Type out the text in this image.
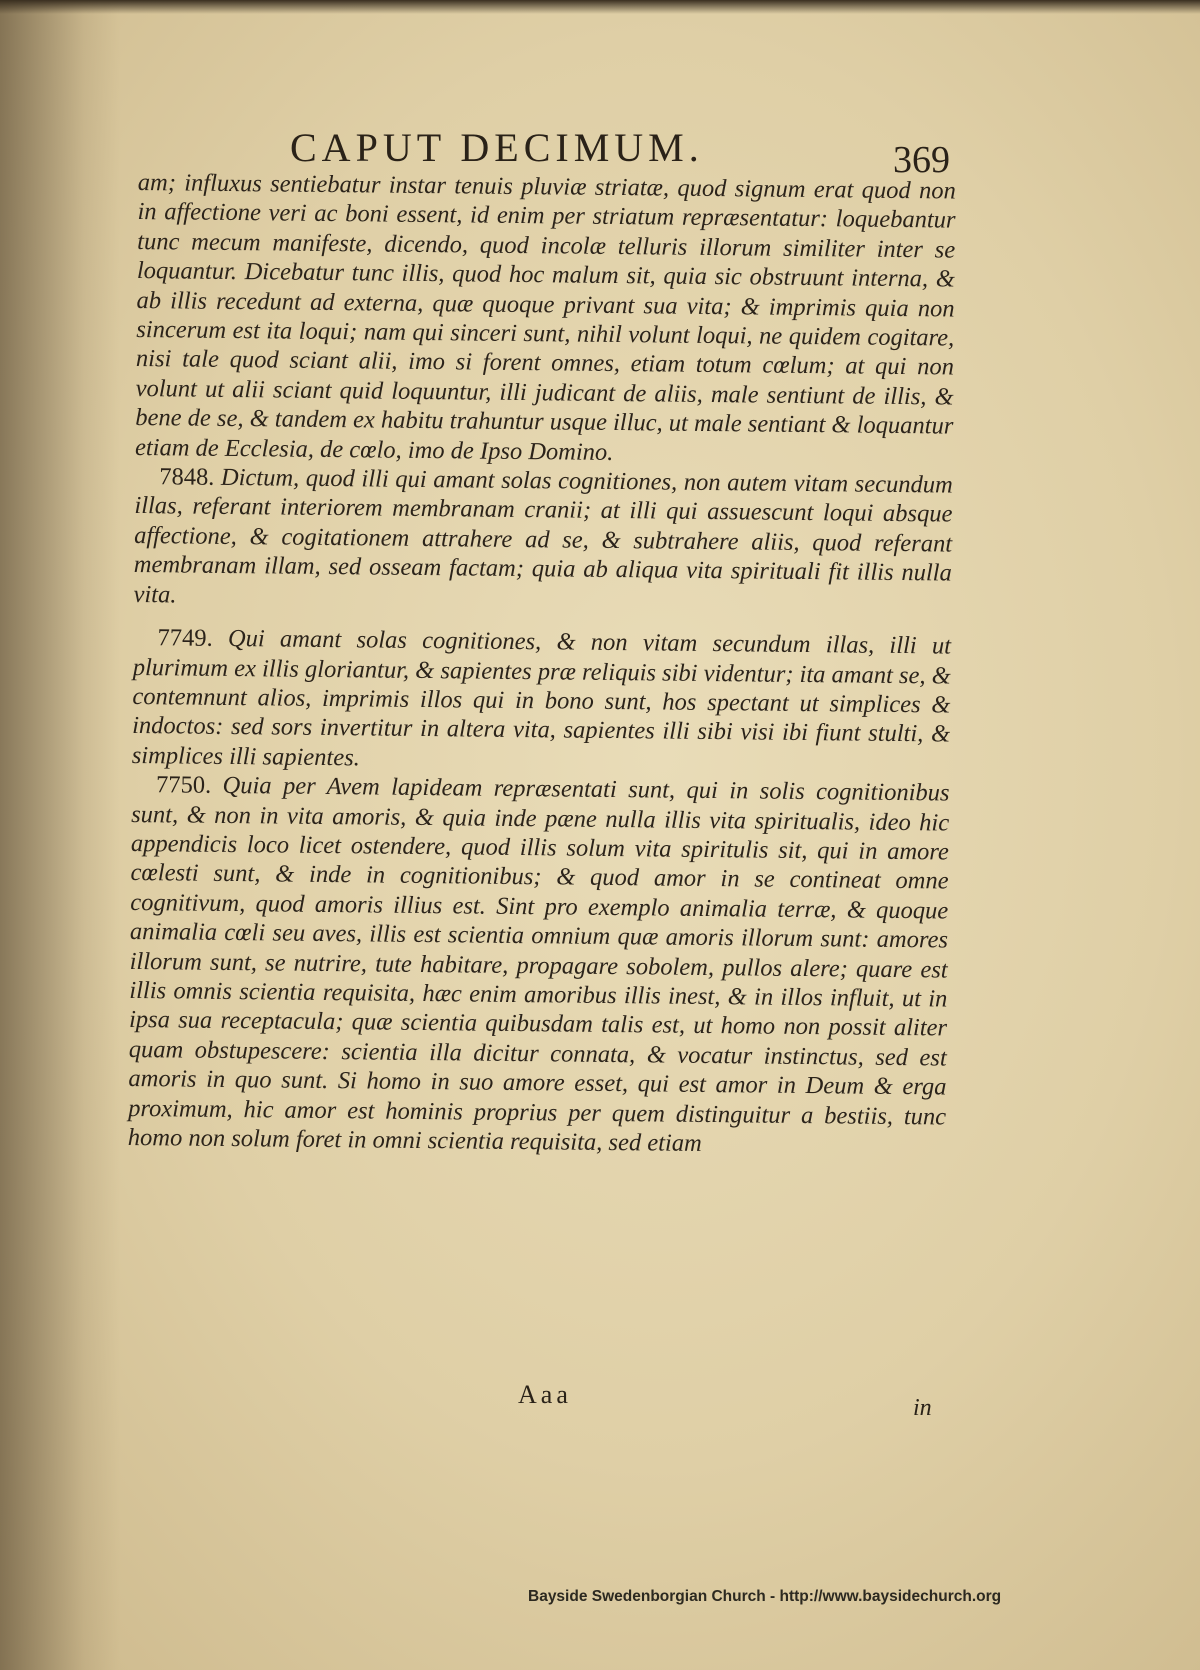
CAPUT DECIMUM.	369

am; influxus sentiebatur instar tenuis pluviæ striatæ, quod signum erat quod non in affectione veri ac boni essent, id enim per striatum repræsentatur: loquebantur tunc mecum manifeste, dicendo, quod incolæ telluris illorum similiter inter se loquantur. Dicebatur tunc illis, quod hoc malum sit, quia sic obstruunt interna, & ab illis recedunt ad externa, quæ quoque privant sua vita; & imprimis quia non sincerum est ita loqui; nam qui sinceri sunt, nihil volunt loqui, ne quidem cogitare, nisi tale quod sciant alii, imo si forent omnes, etiam totum cœlum; at qui non volunt ut alii sciant quid loquuntur, illi judicant de aliis, male sentiunt de illis, & bene de se, & tandem ex habitu trahuntur usque illuc, ut male sentiant & loquantur etiam de Ecclesia, de cœlo, imo de Ipso Domino.

 7848. Dictum, quod illi qui amant solas cognitiones, non autem vitam secundum illas, referant interiorem membranam cranii; at illi qui assuescunt loqui absque affectione, & cogitationem attrahere ad se, & subtrahere aliis, quod referant membranam illam, sed osseam factam; quia ab aliqua vita spirituali fit illis nulla vita.

 7749. Qui amant solas cognitiones, & non vitam secundum illas, illi ut plurimum ex illis gloriantur, & sapientes præ reliquis sibi videntur; ita amant se, & contemnunt alios, imprimis illos qui in bono sunt, hos spectant ut simplices & indoctos: sed sors invertitur in altera vita, sapientes illi sibi visi ibi fiunt stulti, & simplices illi sapientes.

 7750. Quia per Avem lapideam repræsentati sunt, qui in solis cognitionibus sunt, & non in vita amoris, & quia inde pæne nulla illis vita spiritualis, ideo hic appendicis loco licet ostendere, quod illis solum vita spiritulis sit, qui in amore cœlesti sunt, & inde in cognitionibus; & quod amor in se contineat omne cognitivum, quod amoris illius est. Sint pro exemplo animalia terræ, & quoque animalia cœli seu aves, illis est scientia omnium quæ amoris illorum sunt: amores illorum sunt, se nutrire, tute habitare, propagare sobolem, pullos alere; quare est illis omnis scientia requisita, hæc enim amoribus illis inest, & in illos influit, ut in ipsa sua receptacula; quæ scientia quibusdam talis est, ut homo non possit aliter quam obstupescere: scientia illa dicitur connata, & vocatur instinctus, sed est amoris in quo sunt. Si homo in suo amore esset, qui est amor in Deum & erga proximum, hic amor est hominis proprius per quem distinguitur a bestiis, tunc homo non solum foret in omni scientia requisita, sed etiam

Aaa	in
Bayside Swedenborgian Church - http://www.baysidechurch.org
